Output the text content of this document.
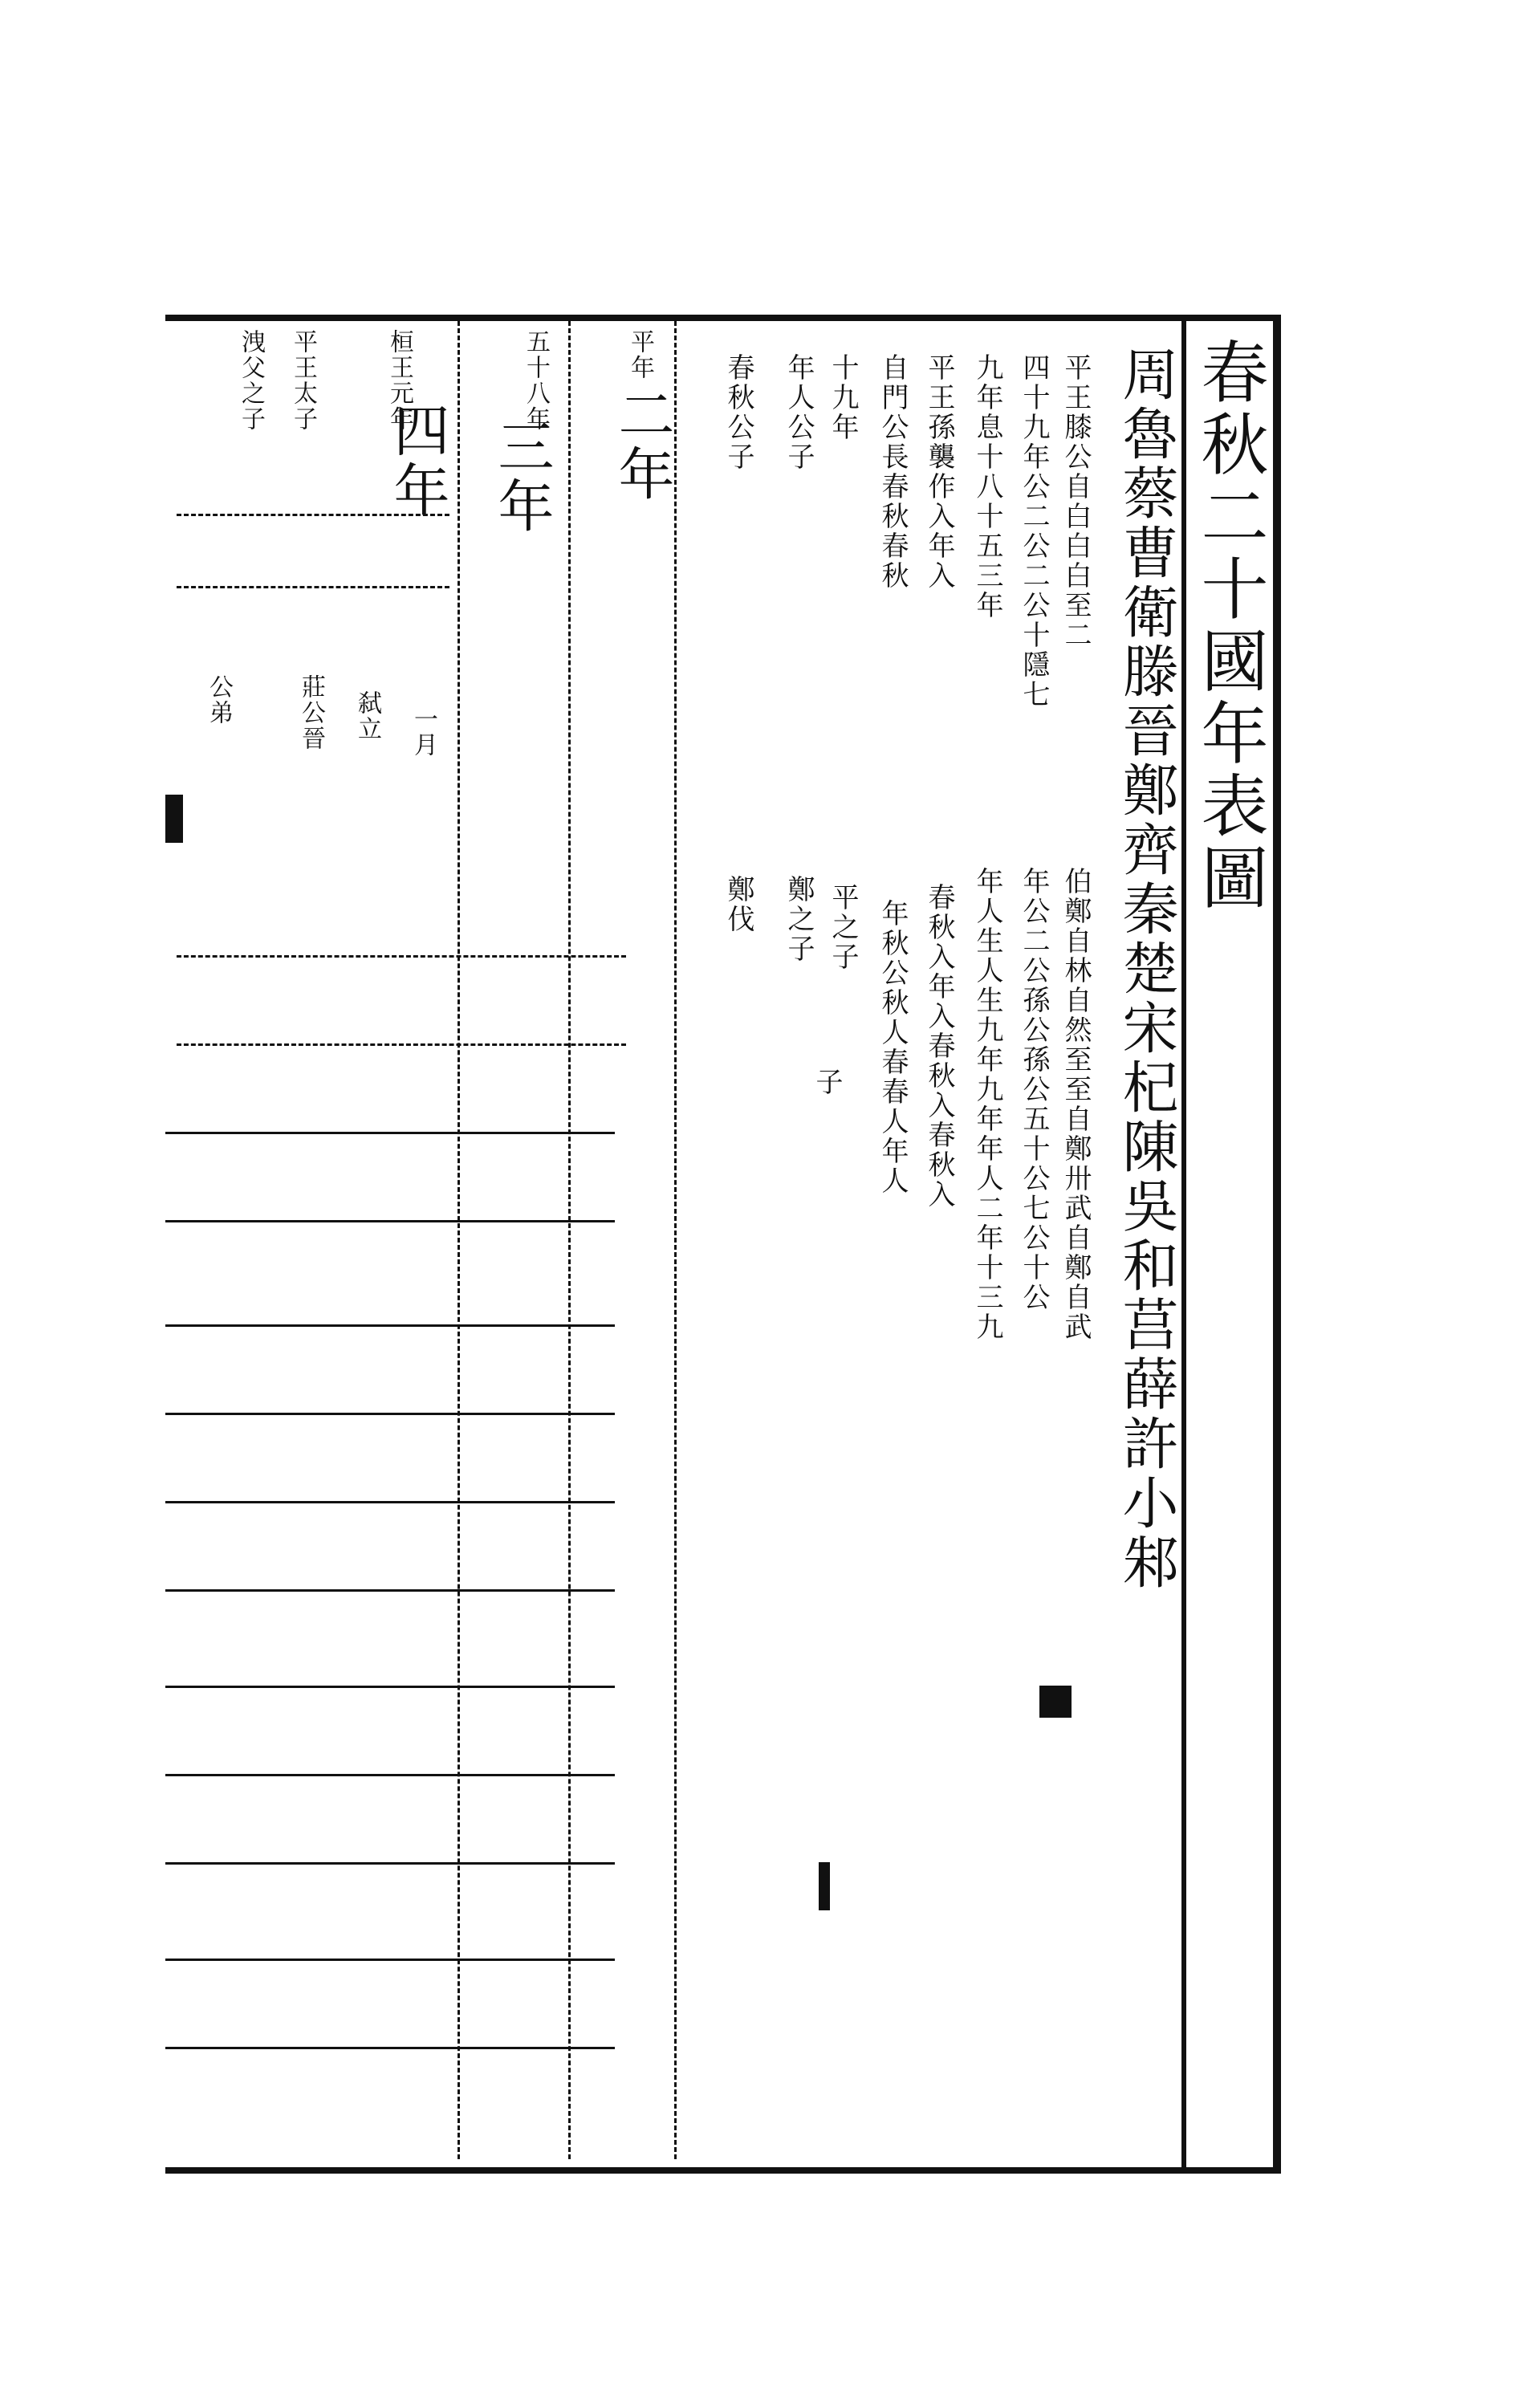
春秋二十國年表圖
周魯蔡曹衛滕晉鄭齊秦楚宋杞陳吳和莒薛許小邾
平王膝公自白白白至二
伯鄭自林自然至至自鄭卅武自鄭自武
四十九年公二公二公十隱七
年公二公孫公孫公五十公七公十公
九年息十八十五三年
年人生人生九年九年年人二年十三九
平王孫襲作入年入
春秋入年入春秋入春秋入
自門公長春秋春秋
年秋公秋人春春人年人
十九年
平之子
子
年人公子
鄭之子
春秋公子
鄭伐
平年
二年
五十八年
三年
桓王元年
四年
平王太子
洩父之子
公弟	莊公晉 弑立 一月
